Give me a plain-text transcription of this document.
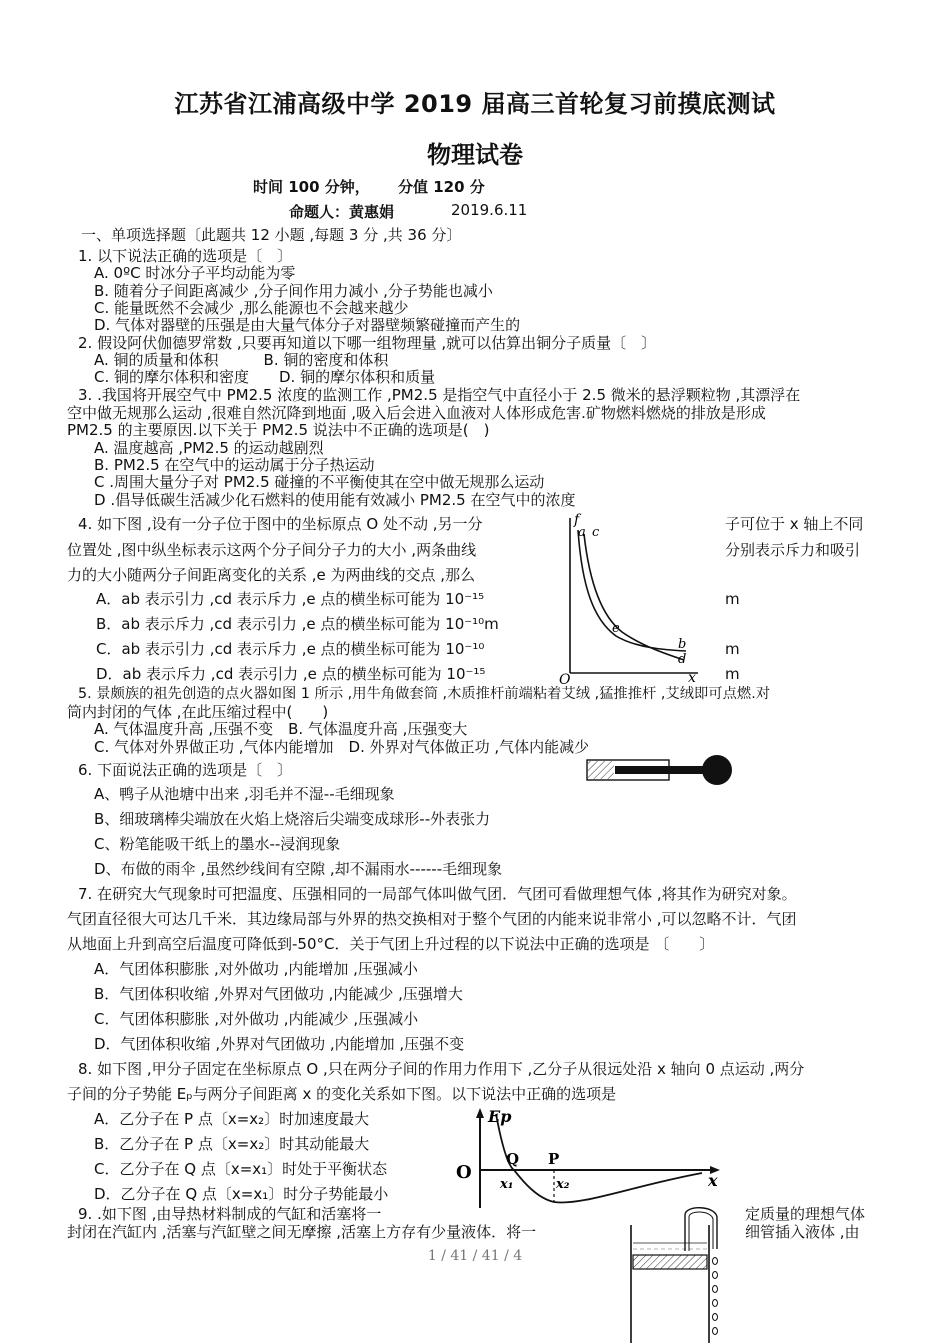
江苏省江浦高级中学 2019 届高三首轮复习前摸底测试
物理试卷
时间 100 分钟， 分值 120 分
命题人：黄惠娟	2019.6.11
一、单项选择题〔此题共 12 小题 ,每题 3 分 ,共 36 分〕
1. 以下说法正确的选项是〔　〕
A. 0ºC 时冰分子平均动能为零
B. 随着分子间距离减少 ,分子间作用力减小 ,分子势能也减小
C. 能量既然不会减少 ,那么能源也不会越来越少
D. 气体对器壁的压强是由大量气体分子对器壁频繁碰撞而产生的
2. 假设阿伏伽德罗常数 ,只要再知道以下哪一组物理量 ,就可以估算出铜分子质量〔　〕
A. 铜的质量和体积　　　B. 铜的密度和体积
C. 铜的摩尔体积和密度　　D. 铜的摩尔体积和质量
3. .我国将开展空气中 PM2.5 浓度的监测工作 ,PM2.5 是指空气中直径小于 2.5 微米的悬浮颗粒物 ,其漂浮在
空中做无规那么运动 ,很难自然沉降到地面 ,吸入后会进入血液对人体形成危害.矿物燃料燃烧的排放是形成
PM2.5 的主要原因.以下关于 PM2.5 说法中不正确的选项是(　)
A. 温度越高 ,PM2.5 的运动越剧烈
B. PM2.5 在空气中的运动属于分子热运动
C .周围大量分子对 PM2.5 碰撞的不平衡使其在空中做无规那么运动
D .倡导低碳生活减少化石燃料的使用能有效减小 PM2.5 在空气中的浓度
4. 如下图 ,设有一分子位于图中的坐标原点 O 处不动 ,另一分	子可位于 x 轴上不同
位置处 ,图中纵坐标表示这两个分子间分子力的大小 ,两条曲线	分别表示斥力和吸引
力的大小随两分子间距离变化的关系 ,e 为两曲线的交点 ,那么
A．ab 表示引力 ,cd 表示斥力 ,e 点的横坐标可能为 10⁻¹⁵	m
B．ab 表示斥力 ,cd 表示引力 ,e 点的横坐标可能为 10⁻¹⁰m
C．ab 表示引力 ,cd 表示斥力 ,e 点的横坐标可能为 10⁻¹⁰	m
D．ab 表示斥力 ,cd 表示引力 ,e 点的横坐标可能为 10⁻¹⁵	m
f
a c
e
b
d
O	x
5. 景颇族的祖先创造的点火器如图 1 所示 ,用牛角做套筒 ,木质推杆前端粘着艾绒 ,猛推推杆 ,艾绒即可点燃.对
筒内封闭的气体 ,在此压缩过程中(　　)
A. 气体温度升高 ,压强不变　B. 气体温度升高 ,压强变大
C. 气体对外界做正功 ,气体内能增加　D. 外界对气体做正功 ,气体内能减少
6. 下面说法正确的选项是〔　〕
A、鸭子从池塘中出来 ,羽毛并不湿--毛细现象
B、细玻璃棒尖端放在火焰上烧溶后尖端变成球形--外表张力
C、粉笔能吸干纸上的墨水--浸润现象
D、布做的雨伞 ,虽然纱线间有空隙 ,却不漏雨水------毛细现象
7. 在研究大气现象时可把温度、压强相同的一局部气体叫做气团．气团可看做理想气体 ,将其作为研究对象。
气团直径很大可达几千米．其边缘局部与外界的热交换相对于整个气团的内能来说非常小 ,可以忽略不计．气团
从地面上升到高空后温度可降低到-50°C．关于气团上升过程的以下说法中正确的选项是 〔　　〕
A．气团体积膨胀 ,对外做功 ,内能增加 ,压强减小
B．气团体积收缩 ,外界对气团做功 ,内能减少 ,压强增大
C．气团体积膨胀 ,对外做功 ,内能减少 ,压强减小
D．气团体积收缩 ,外界对气团做功 ,内能增加 ,压强不变
8. 如下图 ,甲分子固定在坐标原点 O ,只在两分子间的作用力作用下 ,乙分子从很远处沿 x 轴向 0 点运动 ,两分
子间的分子势能 Eₚ与两分子间距离 x 的变化关系如下图。以下说法中正确的选项是
A．乙分子在 P 点〔x=x₂〕时加速度最大
B．乙分子在 P 点〔x=x₂〕时其动能最大
C．乙分子在 Q 点〔x=x₁〕时处于平衡状态
D．乙分子在 Q 点〔x=x₁〕时分子势能最小
Ep
O
Q P
x₁	x₂	x
9. .如下图 ,由导热材料制成的气缸和活塞将一	定质量的理想气体
封闭在汽缸内 ,活塞与汽缸壁之间无摩擦 ,活塞上方存有少量液体．将一	细管插入液体 ,由
1 / 41 / 41 / 4
